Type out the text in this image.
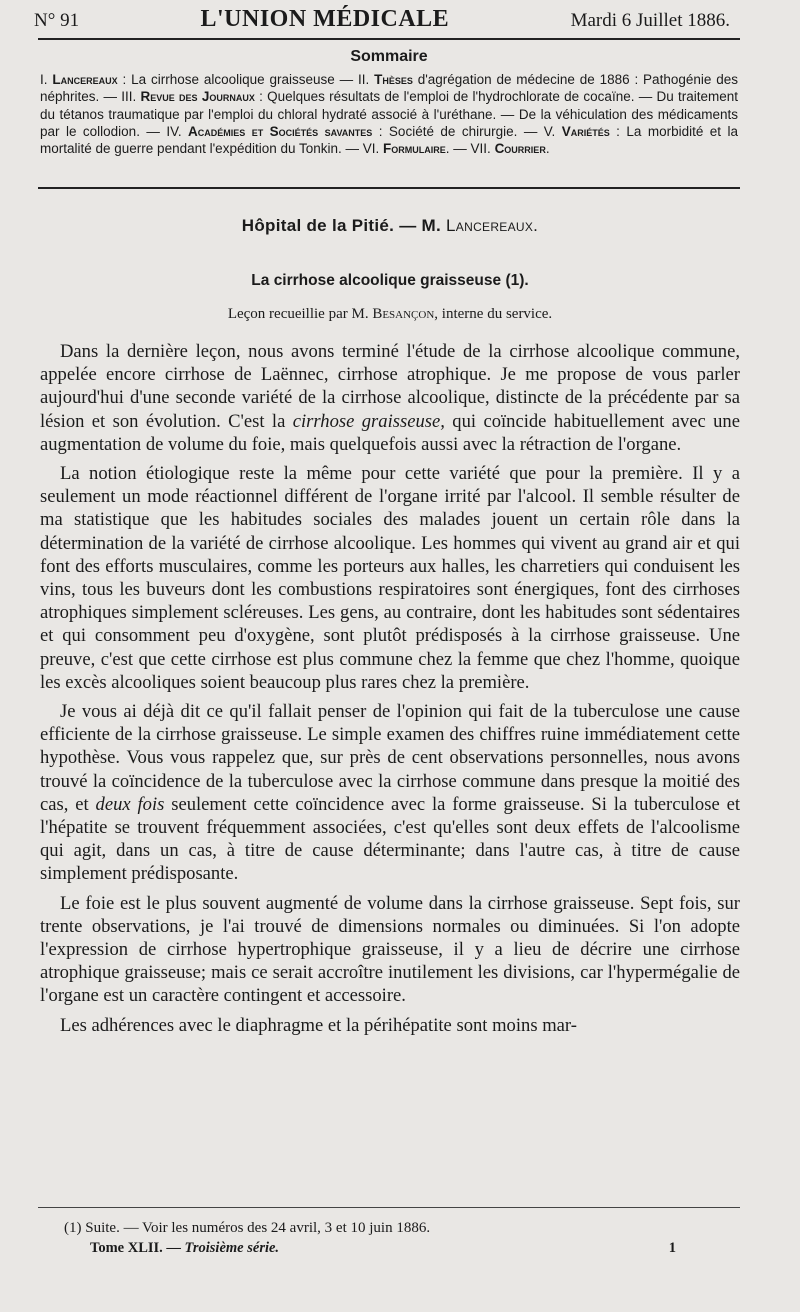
N° 91	L'UNION MÉDICALE	Mardi 6 Juillet 1886.
Sommaire

I. Lancereaux : La cirrhose alcoolique graisseuse — II. Thèses d'agrégation de médecine de 1886 : Pathogénie des néphrites. — III. Revue des Journaux : Quelques résultats de l'emploi de l'hydrochlorate de cocaïne. — Du traitement du tétanos traumatique par l'emploi du chloral hydraté associé à l'uréthane. — De la véhiculation des médicaments par le collodion. — IV. Académies et Sociétés savantes : Société de chirurgie. — V. Variétés : La morbidité et la mortalité de guerre pendant l'expédition du Tonkin. — VI. Formulaire. — VII. Courrier.

Hôpital de la Pitié. — M. Lancereaux.
La cirrhose alcoolique graisseuse (1).
Leçon recueillie par M. Besançon, interne du service.

Dans la dernière leçon, nous avons terminé l'étude de la cirrhose alcoolique commune, appelée encore cirrhose de Laënnec, cirrhose atrophique. Je me propose de vous parler aujourd'hui d'une seconde variété de la cirrhose alcoolique, distincte de la précédente par sa lésion et son évolution. C'est la cirrhose graisseuse, qui coïncide habituellement avec une augmentation de volume du foie, mais quelquefois aussi avec la rétraction de l'organe.

La notion étiologique reste la même pour cette variété que pour la première. Il y a seulement un mode réactionnel différent de l'organe irrité par l'alcool. Il semble résulter de ma statistique que les habitudes sociales des malades jouent un certain rôle dans la détermination de la variété de cirrhose alcoolique. Les hommes qui vivent au grand air et qui font des efforts musculaires, comme les porteurs aux halles, les charretiers qui conduisent les vins, tous les buveurs dont les combustions respiratoires sont énergiques, font des cirrhoses atrophiques simplement scléreuses. Les gens, au contraire, dont les habitudes sont sédentaires et qui consomment peu d'oxygène, sont plutôt prédisposés à la cirrhose graisseuse. Une preuve, c'est que cette cirrhose est plus commune chez la femme que chez l'homme, quoique les excès alcooliques soient beaucoup plus rares chez la première.

Je vous ai déjà dit ce qu'il fallait penser de l'opinion qui fait de la tuberculose une cause efficiente de la cirrhose graisseuse. Le simple examen des chiffres ruine immédiatement cette hypothèse. Vous vous rappelez que, sur près de cent observations personnelles, nous avons trouvé la coïncidence de la tuberculose avec la cirrhose commune dans presque la moitié des cas, et deux fois seulement cette coïncidence avec la forme graisseuse. Si la tuberculose et l'hépatite se trouvent fréquemment associées, c'est qu'elles sont deux effets de l'alcoolisme qui agit, dans un cas, à titre de cause déterminante; dans l'autre cas, à titre de cause simplement prédisposante.

Le foie est le plus souvent augmenté de volume dans la cirrhose graisseuse. Sept fois, sur trente observations, je l'ai trouvé de dimensions normales ou diminuées. Si l'on adopte l'expression de cirrhose hypertrophique graisseuse, il y a lieu de décrire une cirrhose atrophique graisseuse; mais ce serait accroître inutilement les divisions, car l'hypermégalie de l'organe est un caractère contingent et accessoire.

Les adhérences avec le diaphragme et la périhépatite sont moins mar-

(1) Suite. — Voir les numéros des 24 avril, 3 et 10 juin 1886.
Tome XLII. — Troisième série.	1
